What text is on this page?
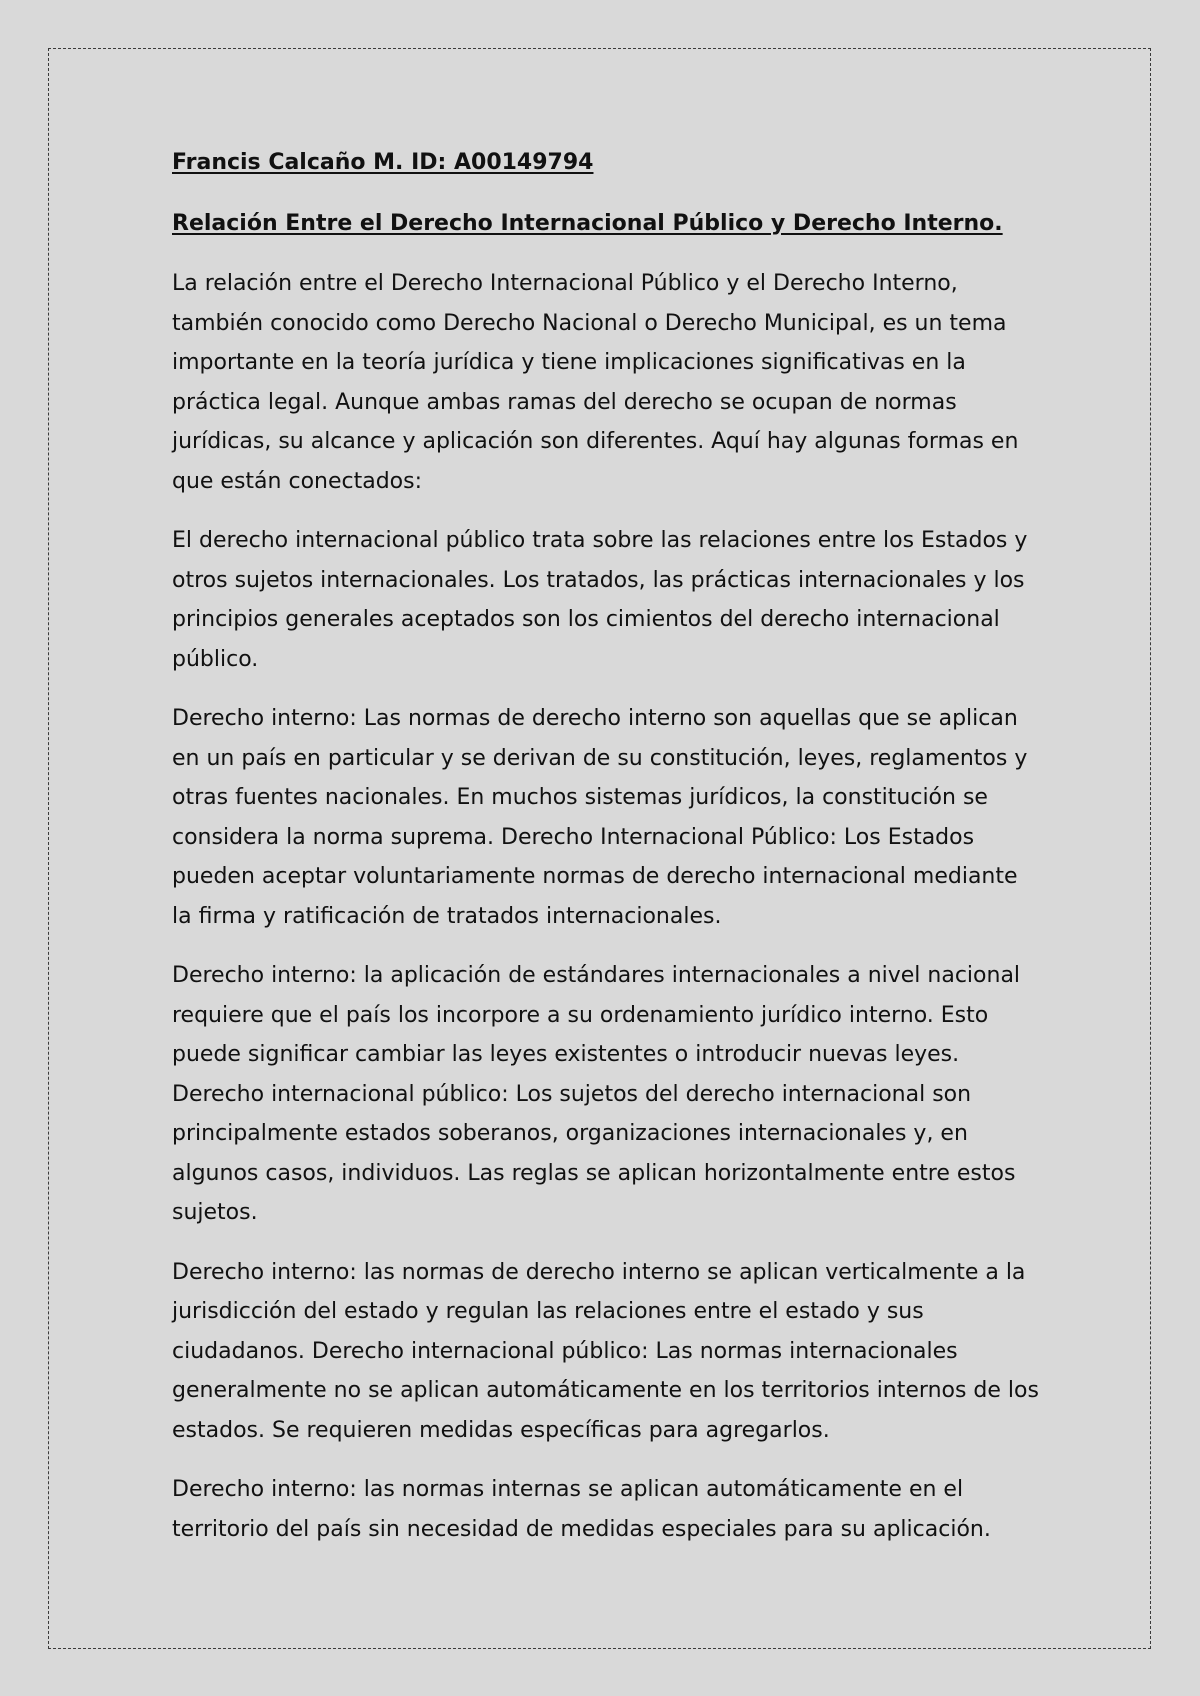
Francis Calcaño M. ID: A00149794

Relación Entre el Derecho Internacional Público y Derecho Interno.

La relación entre el Derecho Internacional Público y el Derecho Interno, también conocido como Derecho Nacional o Derecho Municipal, es un tema importante en la teoría jurídica y tiene implicaciones significativas en la práctica legal. Aunque ambas ramas del derecho se ocupan de normas jurídicas, su alcance y aplicación son diferentes. Aquí hay algunas formas en que están conectados:

El derecho internacional público trata sobre las relaciones entre los Estados y otros sujetos internacionales. Los tratados, las prácticas internacionales y los principios generales aceptados son los cimientos del derecho internacional público.

Derecho interno: Las normas de derecho interno son aquellas que se aplican en un país en particular y se derivan de su constitución, leyes, reglamentos y otras fuentes nacionales. En muchos sistemas jurídicos, la constitución se considera la norma suprema. Derecho Internacional Público: Los Estados pueden aceptar voluntariamente normas de derecho internacional mediante la firma y ratificación de tratados internacionales.

Derecho interno: la aplicación de estándares internacionales a nivel nacional requiere que el país los incorpore a su ordenamiento jurídico interno. Esto puede significar cambiar las leyes existentes o introducir nuevas leyes. Derecho internacional público: Los sujetos del derecho internacional son principalmente estados soberanos, organizaciones internacionales y, en algunos casos, individuos. Las reglas se aplican horizontalmente entre estos sujetos.

Derecho interno: las normas de derecho interno se aplican verticalmente a la jurisdicción del estado y regulan las relaciones entre el estado y sus ciudadanos. Derecho internacional público: Las normas internacionales generalmente no se aplican automáticamente en los territorios internos de los estados. Se requieren medidas específicas para agregarlos.

Derecho interno: las normas internas se aplican automáticamente en el territorio del país sin necesidad de medidas especiales para su aplicación.
